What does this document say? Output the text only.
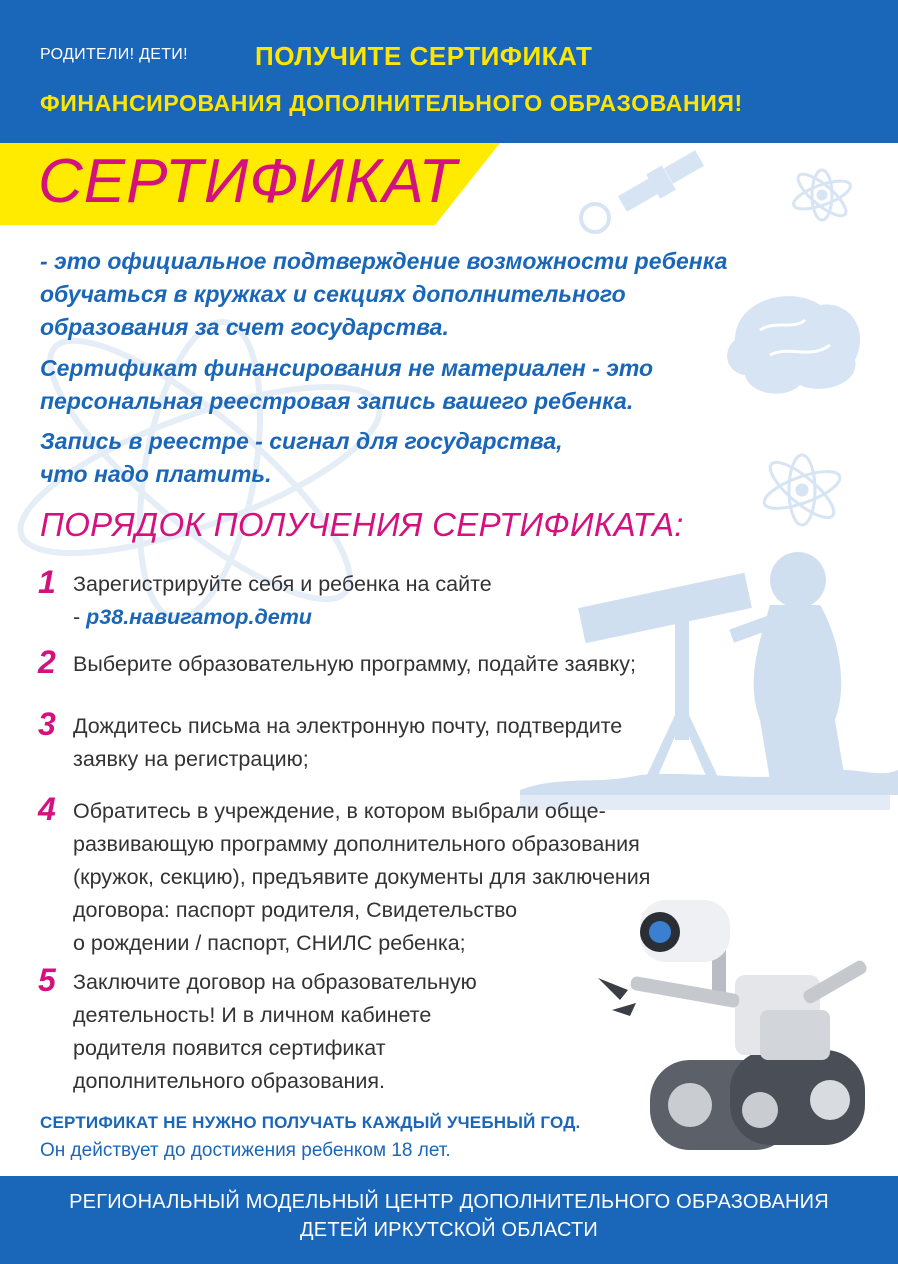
РОДИТЕЛИ! ДЕТИ!	ПОЛУЧИТЕ СЕРТИФИКАТ
ФИНАНСИРОВАНИЯ ДОПОЛНИТЕЛЬНОГО ОБРАЗОВАНИЯ!
СЕРТИФИКАТ
- это официальное подтверждение возможности ребенка
обучаться в кружках и секциях дополнительного
образования за счет государства.
Сертификат финансирования не материален - это
персональная реестровая запись вашего ребенка.
Запись в реестре - сигнал для государства,
что надо платить.
ПОРЯДОК ПОЛУЧЕНИЯ СЕРТИФИКАТА:
1 Зарегистрируйте себя и ребенка на сайте
- р38.навигатор.дети
2 Выберите образовательную программу, подайте заявку;
3 Дождитесь письма на электронную почту, подтвердите
заявку на регистрацию;
4 Обратитесь в учреждение, в котором выбрали обще-
развивающую программу дополнительного образования
(кружок, секцию), предъявите документы для заключения
договора: паспорт родителя, Свидетельство
о рождении / паспорт, СНИЛС ребенка;
5 Заключите договор на образовательную
деятельность! И в личном кабинете
родителя появится сертификат
дополнительного образования.
СЕРТИФИКАТ НЕ НУЖНО ПОЛУЧАТЬ КАЖДЫЙ УЧЕБНЫЙ ГОД.
Он действует до достижения ребенком 18 лет.
РЕГИОНАЛЬНЫЙ МОДЕЛЬНЫЙ ЦЕНТР ДОПОЛНИТЕЛЬНОГО ОБРАЗОВАНИЯ
ДЕТЕЙ ИРКУТСКОЙ ОБЛАСТИ
